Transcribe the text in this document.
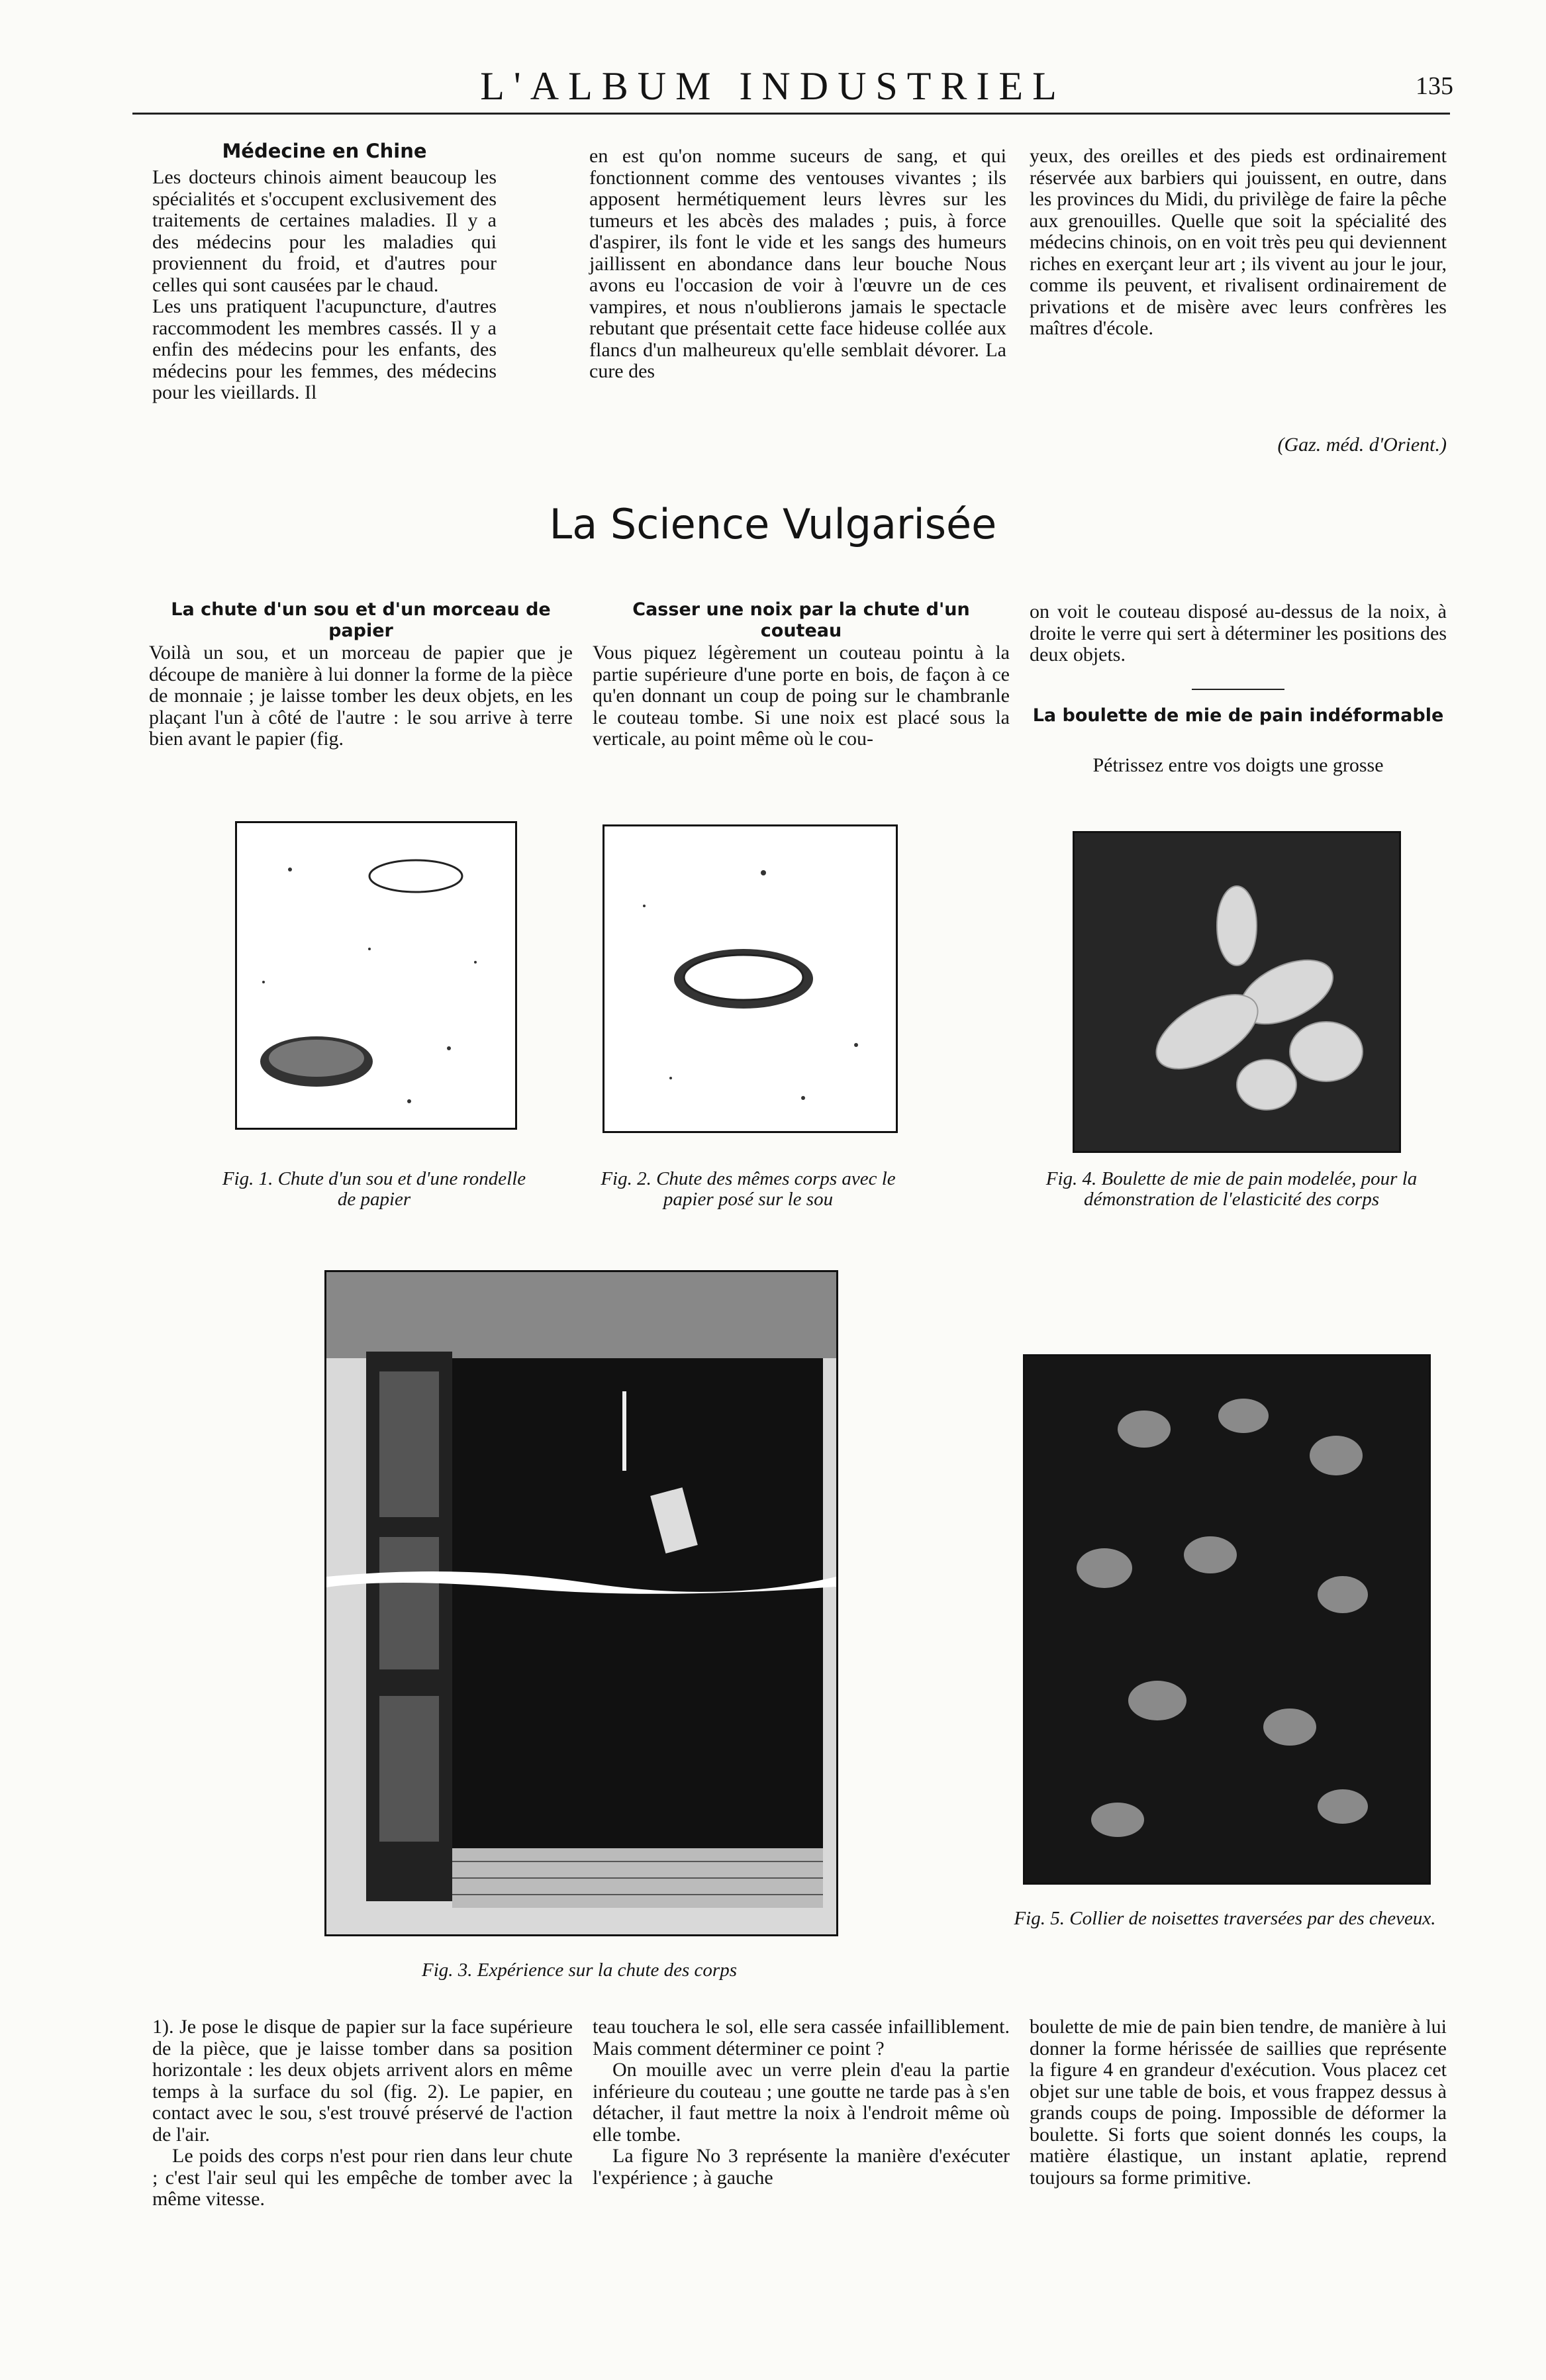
L'ALBUM INDUSTRIEL	135
Médecine en Chine

Les docteurs chinois aiment beaucoup les spécialités et s'occupent exclusivement des traitements de certaines maladies. Il y a des médecins pour les maladies qui proviennent du froid, et d'autres pour celles qui sont causées par le chaud.

Les uns pratiquent l'acupuncture, d'autres raccommodent les membres cassés. Il y a enfin des médecins pour les enfants, des médecins pour les femmes, des médecins pour les vieillards. Il

en est qu'on nomme suceurs de sang, et qui fonctionnent comme des ventouses vivantes ; ils apposent hermétiquement leurs lèvres sur les tumeurs et les abcès des malades ; puis, à force d'aspirer, ils font le vide et les sangs des humeurs jaillissent en abondance dans leur bouche Nous avons eu l'occasion de voir à l'œuvre un de ces vampires, et nous n'oublierons jamais le spectacle rebutant que présentait cette face hideuse collée aux flancs d'un malheureux qu'elle semblait dévorer. La cure des

yeux, des oreilles et des pieds est ordinairement réservée aux barbiers qui jouissent, en outre, dans les provinces du Midi, du privilège de faire la pêche aux grenouilles. Quelle que soit la spécialité des médecins chinois, on en voit très peu qui deviennent riches en exerçant leur art ; ils vivent au jour le jour, comme ils peuvent, et rivalisent ordinairement de privations et de misère avec leurs confrères les maîtres d'école.

(Gaz. méd. d'Orient.)
La Science Vulgarisée
La chute d'un sou et d'un morceau de papier
Voilà un sou, et un morceau de papier que je découpe de manière à lui donner la forme de la pièce de monnaie ; je laisse tomber les deux objets, en les plaçant l'un à côté de l'autre : le sou arrive à terre bien avant le papier (fig.
Casser une noix par la chute d'un couteau
Vous piquez légèrement un couteau pointu à la partie supérieure d'une porte en bois, de façon à ce qu'en donnant un coup de poing sur le chambranle le couteau tombe. Si une noix est placé sous la verticale, au point même où le cou-
on voit le couteau disposé au-dessus de la noix, à droite le verre qui sert à déterminer les positions des deux objets.
La boulette de mie de pain indéformable
Pétrissez entre vos doigts une grosse
Fig. 1. Chute d'un sou et d'une rondelle de papier
Fig. 2. Chute des mêmes corps avec le papier posé sur le sou
Fig. 4. Boulette de mie de pain modelée, pour la démonstration de l'elasticité des corps
Fig. 3. Expérience sur la chute des corps
Fig. 5. Collier de noisettes traversées par des cheveux.

1). Je pose le disque de papier sur la face supérieure de la pièce, que je laisse tomber dans sa position horizontale : les deux objets arrivent alors en même temps à la surface du sol (fig. 2). Le papier, en contact avec le sou, s'est trouvé préservé de l'action de l'air.

Le poids des corps n'est pour rien dans leur chute ; c'est l'air seul qui les empêche de tomber avec la même vitesse.

teau touchera le sol, elle sera cassée infailliblement. Mais comment déterminer ce point ?

On mouille avec un verre plein d'eau la partie inférieure du couteau ; une goutte ne tarde pas à s'en détacher, il faut mettre la noix à l'endroit même où elle tombe.

La figure No 3 représente la manière d'exécuter l'expérience ; à gauche

boulette de mie de pain bien tendre, de manière à lui donner la forme hérissée de saillies que représente la figure 4 en grandeur d'exécution. Vous placez cet objet sur une table de bois, et vous frappez dessus à grands coups de poing. Impossible de déformer la boulette. Si forts que soient donnés les coups, la matière élastique, un instant aplatie, reprend toujours sa forme primitive.
